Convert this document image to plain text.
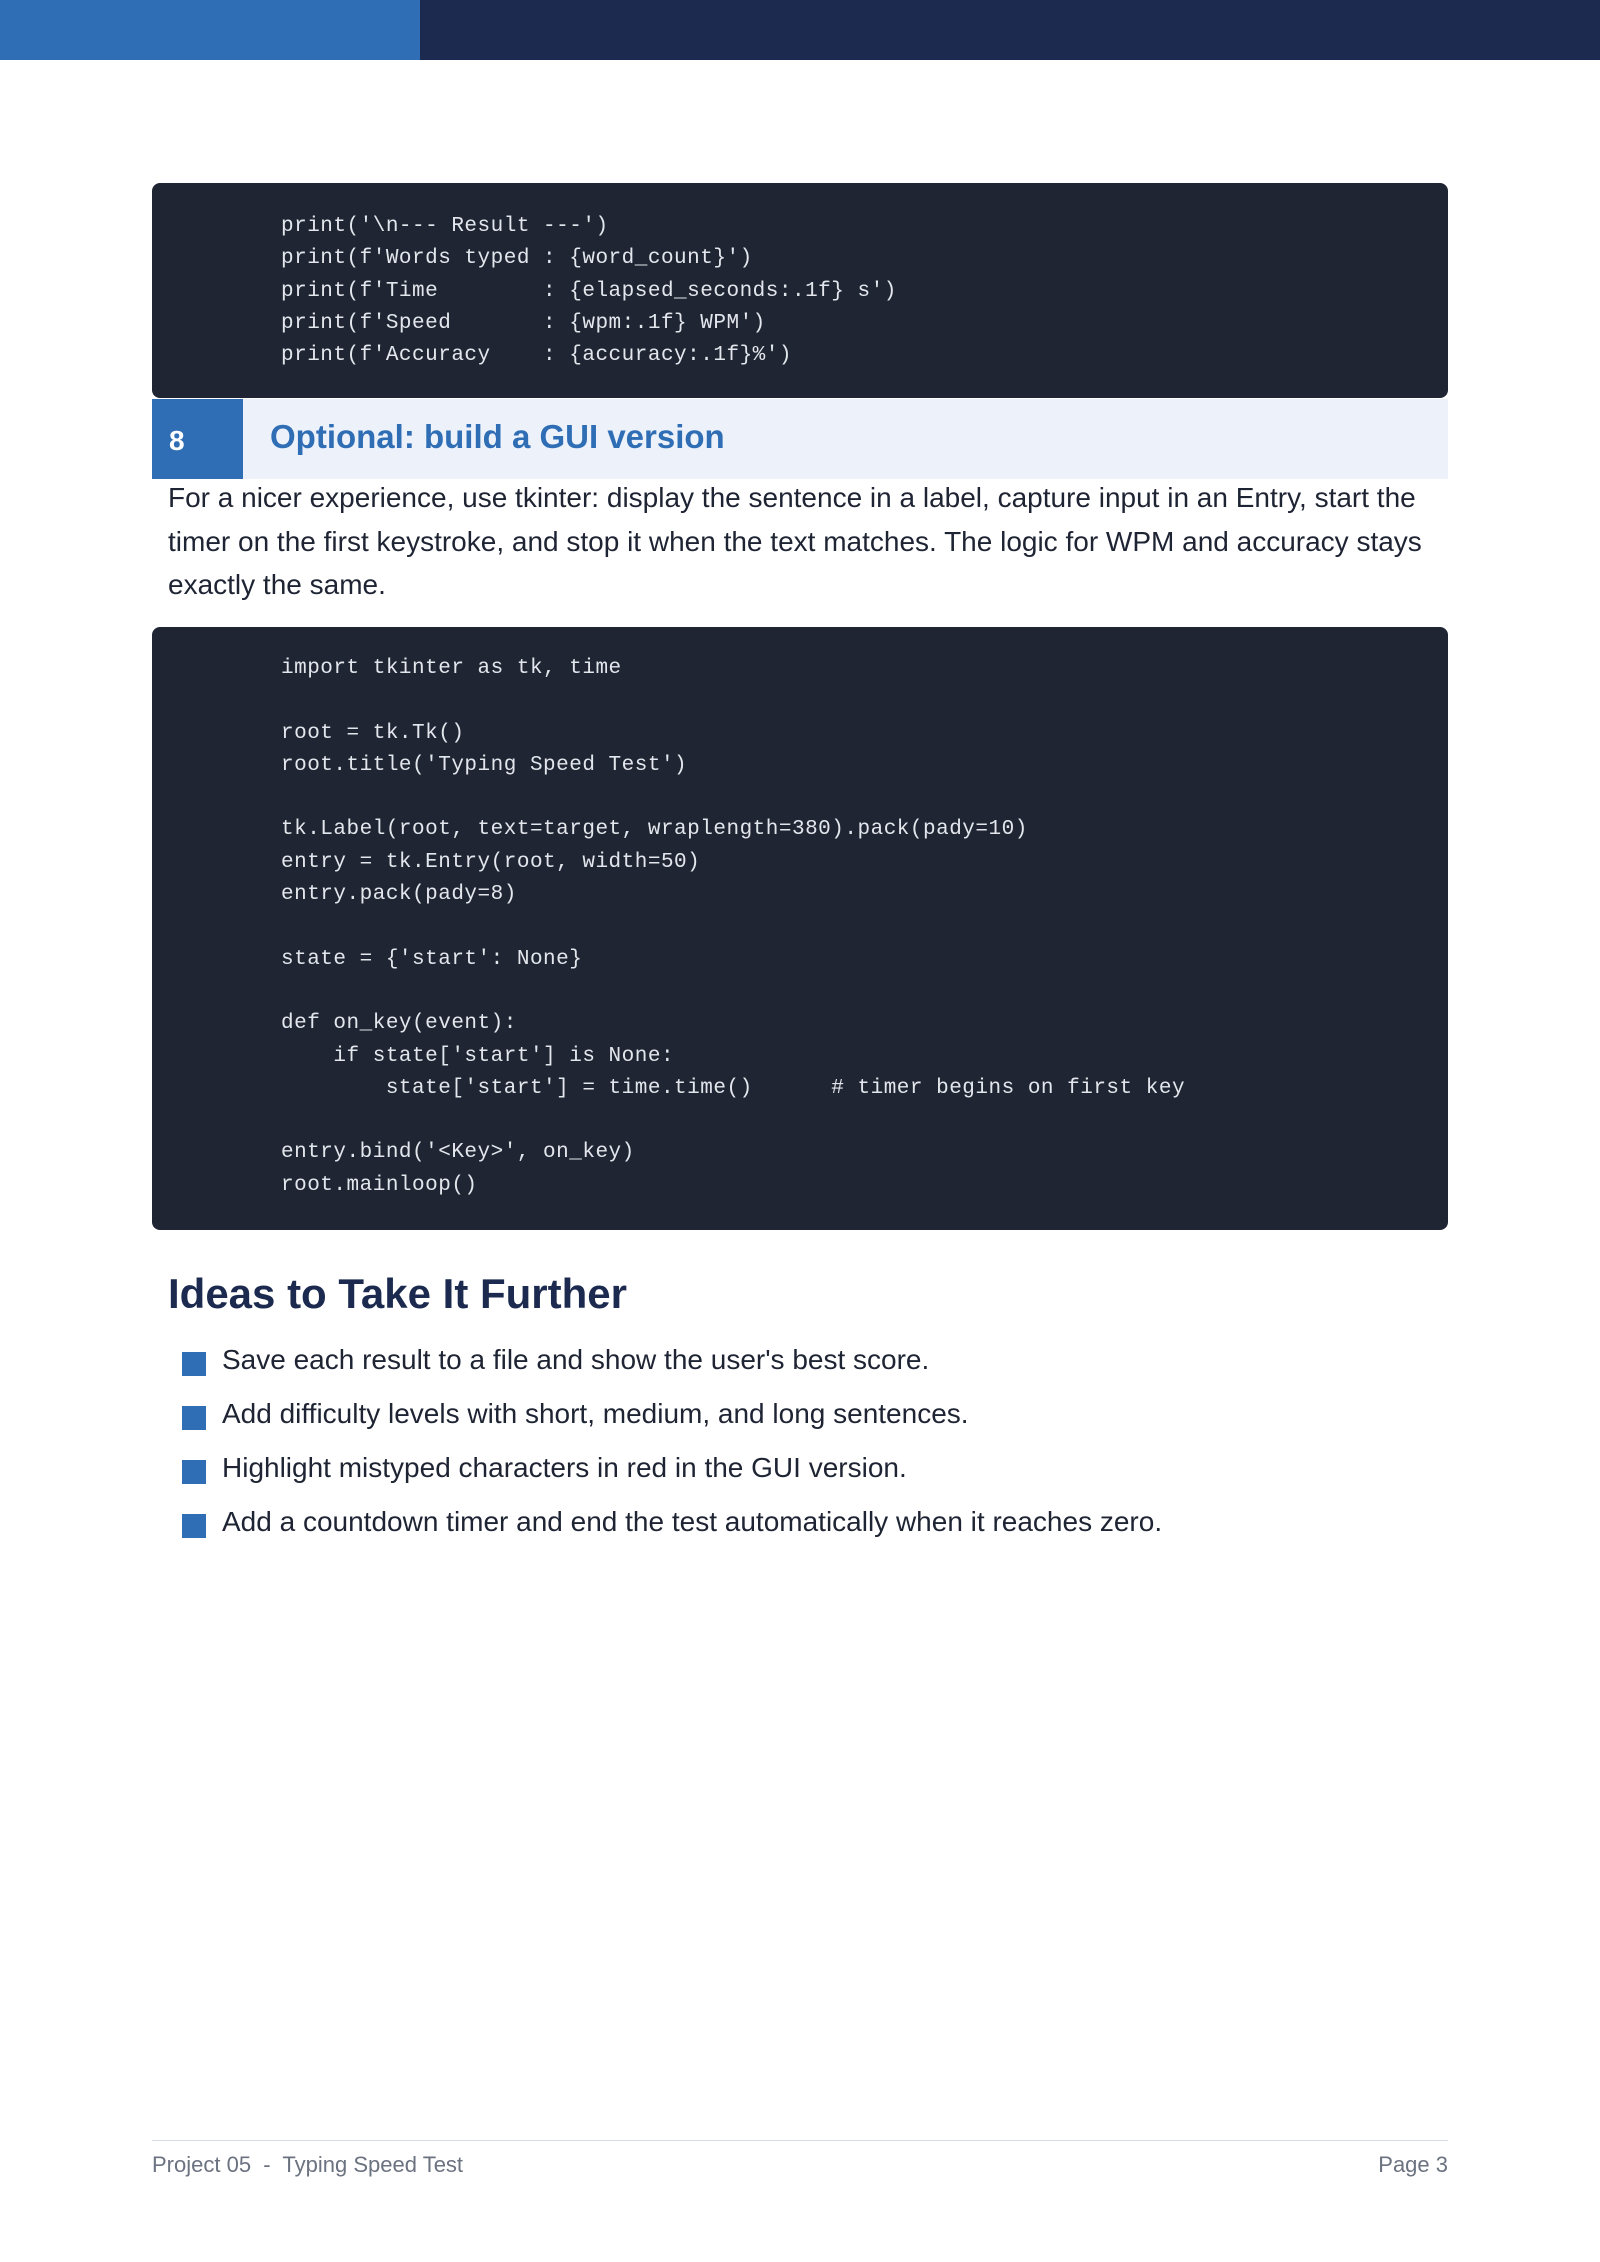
print('\n--- Result ---')
print(f'Words typed : {word_count}')
print(f'Time        : {elapsed_seconds:.1f} s')
print(f'Speed       : {wpm:.1f} WPM')
print(f'Accuracy    : {accuracy:.1f}%')
8	Optional: build a GUI version

For a nicer experience, use tkinter: display the sentence in a label, capture input in an Entry, start the timer on the first keystroke, and stop it when the text matches. The logic for WPM and accuracy stays exactly the same.

import tkinter as tk, time

root = tk.Tk()
root.title('Typing Speed Test')

tk.Label(root, text=target, wraplength=380).pack(pady=10)
entry = tk.Entry(root, width=50)
entry.pack(pady=8)

state = {'start': None}

def on_key(event):
if state['start'] is None:
state['start'] = time.time()      # timer begins on first key

entry.bind('<Key>', on_key)
root.mainloop()
Ideas to Take It Further
Save each result to a file and show the user's best score.
Add difficulty levels with short, medium, and long sentences.
Highlight mistyped characters in red in the GUI version.
Add a countdown timer and end the test automatically when it reaches zero.
Project 05  -  Typing Speed Test	Page 3
